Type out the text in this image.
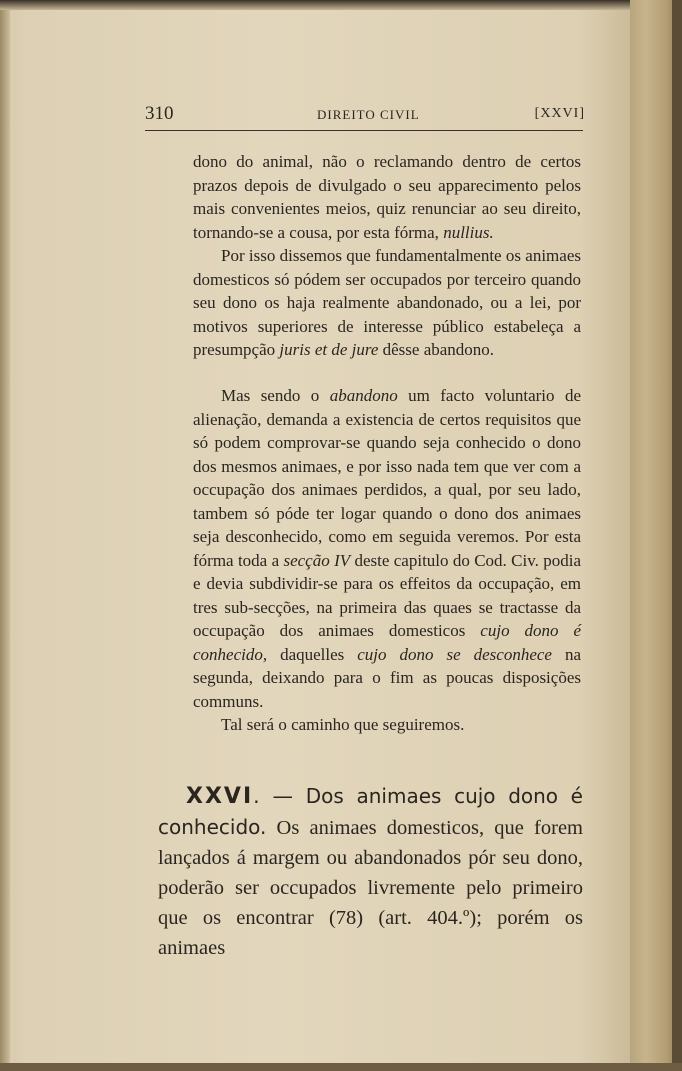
310	DIREITO CIVIL	[XXVI]

dono do animal, não o reclamando dentro de certos prazos depois de divulgado o seu apparecimento pelos mais convenientes meios, quiz renunciar ao seu direito, tornando-se a cousa, por esta fórma, nullius.

Por isso dissemos que fundamentalmente os animaes domesticos só pódem ser occupados por terceiro quando seu dono os haja realmente abandonado, ou a lei, por motivos superiores de interesse público estabeleça a presumpção juris et de jure dêsse abandono.

Mas sendo o abandono um facto voluntario de alienação, demanda a existencia de certos requisitos que só podem comprovar-se quando seja conhecido o dono dos mesmos animaes, e por isso nada tem que ver com a occupação dos animaes perdidos, a qual, por seu lado, tambem só póde ter logar quando o dono dos animaes seja desconhecido, como em seguida veremos. Por esta fórma toda a secção IV deste capitulo do Cod. Civ. podia e devia subdividir-se para os effeitos da occupação, em tres sub-secções, na primeira das quaes se tractasse da occupação dos animaes domesticos cujo dono é conhecido, daquelles cujo dono se desconhece na segunda, deixando para o fim as poucas disposições communs.

Tal será o caminho que seguiremos.

XXVI. — Dos animaes cujo dono é conhecido. Os animaes domesticos, que forem lançados á margem ou abandonados pór seu dono, poderão ser occupados livremente pelo primeiro que os encontrar (78) (art. 404.º); porém os animaes
